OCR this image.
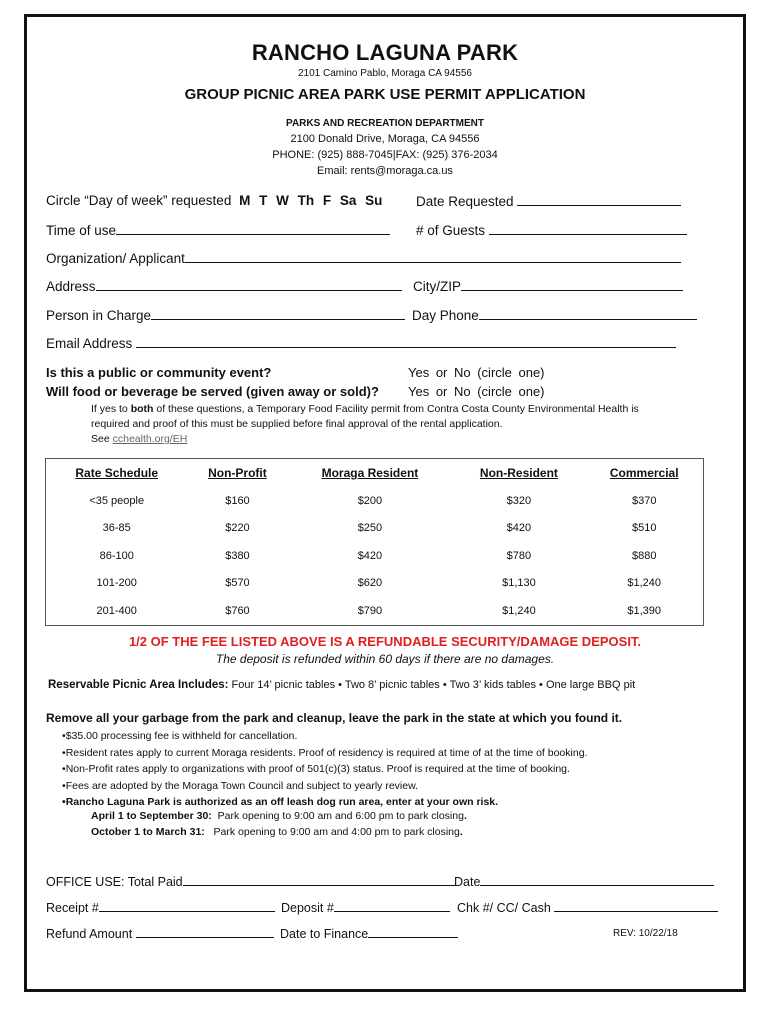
RANCHO LAGUNA PARK
2101 Camino Pablo, Moraga CA 94556
GROUP PICNIC AREA PARK USE PERMIT APPLICATION
PARKS AND RECREATION DEPARTMENT
2100 Donald Drive, Moraga, CA 94556
PHONE: (925) 888-7045|FAX: (925) 376-2034
Email: rents@moraga.ca.us
Circle “Day of week” requested M T W Th F Sa Su Date Requested
Time of use	# of Guests
Organization/ Applicant
Address	City/ZIP
Person in Charge	Day Phone
Email Address
Is this a public or community event?	Yes or No (circle one)
Will food or beverage be served (given away or sold)? Yes or No (circle one)
If yes to both of these questions, a Temporary Food Facility permit from Contra Costa County Environmental Health is
required and proof of this must be supplied before final approval of the rental application.
See cchealth.org/EH
Rate Schedule	Non-Profit	Moraga Resident	Non-Resident	Commercial
<35 people	$160	$200	$320	$370
36-85	$220	$250	$420	$510
86-100	$380	$420	$780	$880
101-200	$570	$620	$1,130	$1,240
201-400	$760	$790	$1,240	$1,390
1/2 OF THE FEE LISTED ABOVE IS A REFUNDABLE SECURITY/DAMAGE DEPOSIT.
The deposit is refunded within 60 days if there are no damages.
Reservable Picnic Area Includes: Four 14’ picnic tables • Two 8’ picnic tables • Two 3’ kids tables • One large BBQ pit
Remove all your garbage from the park and cleanup, leave the park in the state at which you found it.
• $35.00 processing fee is withheld for cancellation.
• Resident rates apply to current Moraga residents. Proof of residency is required at time of at the time of booking.
• Non-Profit rates apply to organizations with proof of 501(c)(3) status. Proof is required at the time of booking.
• Fees are adopted by the Moraga Town Council and subject to yearly review.
• Rancho Laguna Park is authorized as an off leash dog run area, enter at your own risk.
April 1 to September 30: Park opening to 9:00 am and 6:00 pm to park closing.
October 1 to March 31: Park opening to 9:00 am and 4:00 pm to park closing.
OFFICE USE: Total Paid	Date
Receipt #	Deposit #	Chk #/ CC/ Cash
Refund Amount	Date to Finance	REV: 10/22/18
